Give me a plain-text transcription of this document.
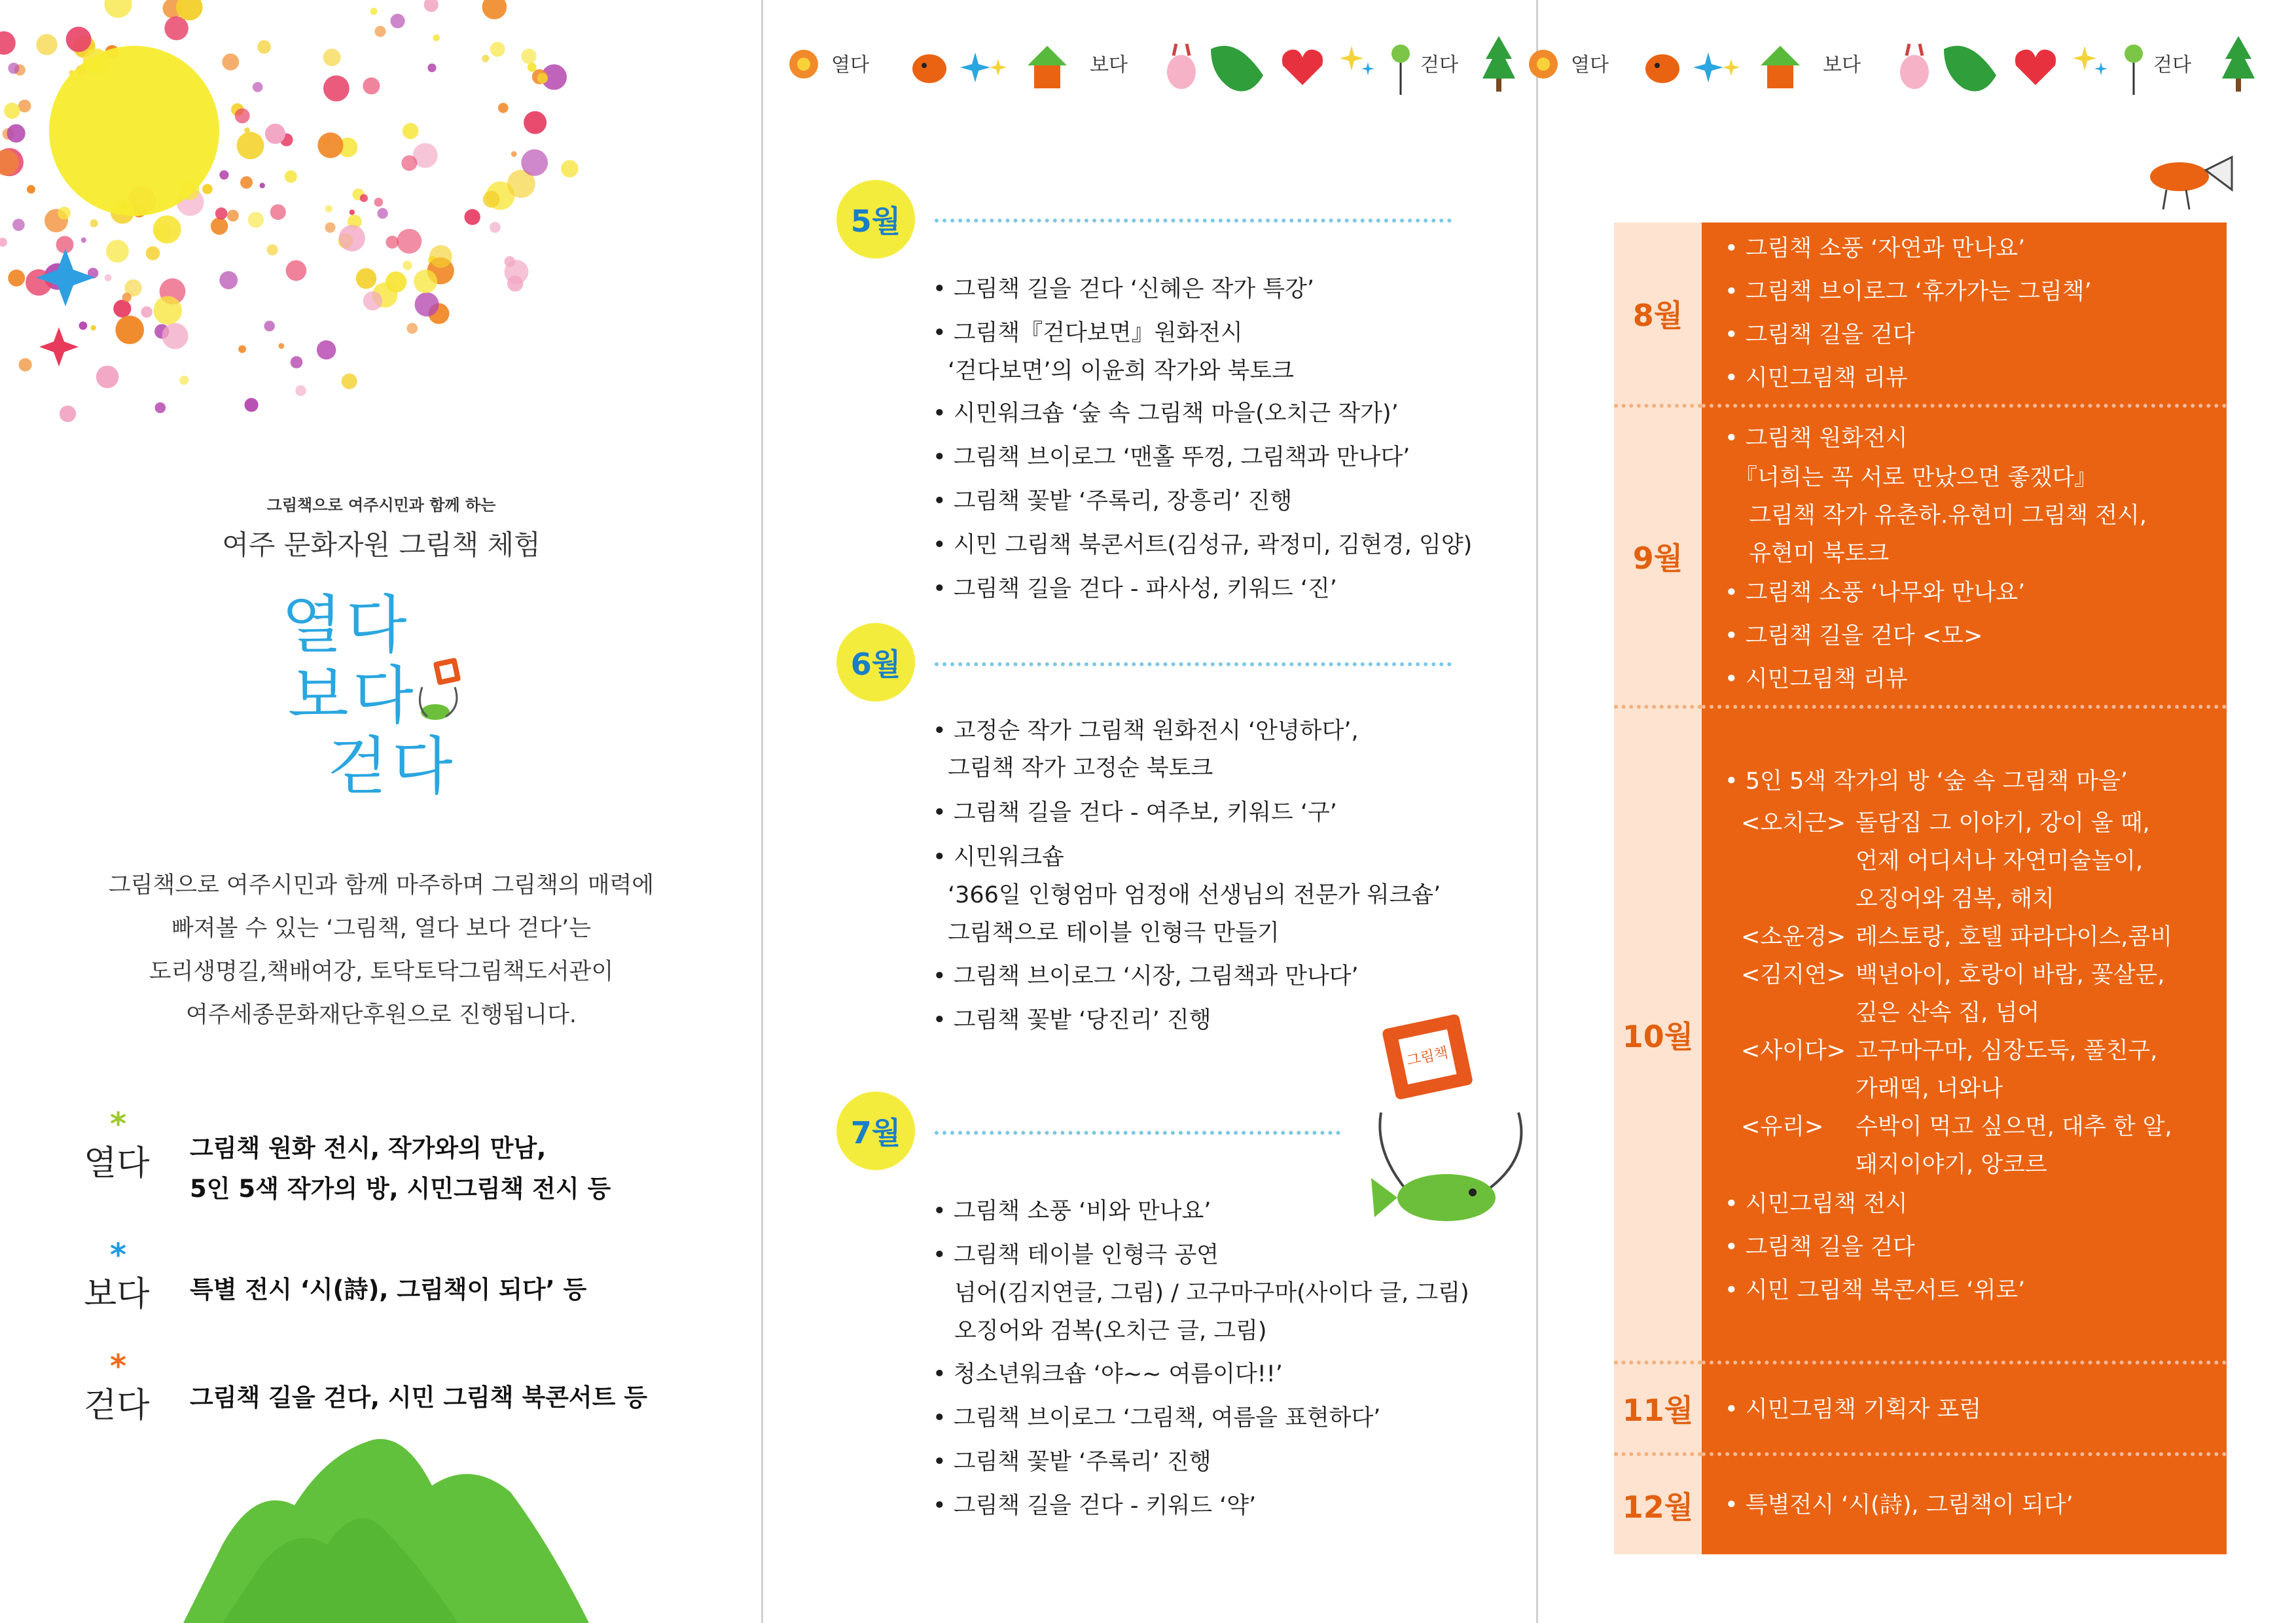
그림책으로 여주시민과 함께 하는
여주 문화자원 그림책 체험
열다
보다
걷다
그림책으로 여주시민과 함께 마주하며 그림책의 매력에
빠져볼 수 있는 ‘그림책, 열다 보다 걷다’는
도리생명길,책배여강, 토닥토닥그림책도서관이
여주세종문화재단후원으로 진행됩니다.
*
열다 그림책 원화 전시, 작가와의 만남,
5인 5색 작가의 방, 시민그림책 전시 등
*
보다 특별 전시 ‘시(詩), 그림책이 되다’ 등
*
걷다 그림책 길을 걷다, 시민 그림책 북콘서트 등
열다	보다	걷다	열다	보다	걷다
5월
• 그림책 길을 걷다 ‘신혜은 작가 특강’
• 그림책『걷다보면』원화전시
‘걷다보면’의 이윤희 작가와 북토크
• 시민워크숍 ‘숲 속 그림책 마을(오치근 작가)’
• 그림책 브이로그 ‘맨홀 뚜껑, 그림책과 만나다’
• 그림책 꽃밭 ‘주록리, 장흥리’ 진행
• 시민 그림책 북콘서트(김성규, 곽정미, 김현경, 임양)
• 그림책 길을 걷다 - 파사성, 키워드 ‘진’
6월
• 고정순 작가 그림책 원화전시 ‘안녕하다’,
그림책 작가 고정순 북토크
• 그림책 길을 걷다 - 여주보, 키워드 ‘구’
• 시민워크숍
‘366일 인형엄마 엄정애 선생님의 전문가 워크숍’
그림책으로 테이블 인형극 만들기
• 그림책 브이로그 ‘시장, 그림책과 만나다’
• 그림책 꽃밭 ‘당진리’ 진행
그림책
7월
• 그림책 소풍 ‘비와 만나요’
• 그림책 테이블 인형극 공연
넘어(김지연글, 그림) / 고구마구마(사이다 글, 그림)
오징어와 검복(오치근 글, 그림)
• 청소년워크숍 ‘야~~ 여름이다!!’
• 그림책 브이로그 ‘그림책, 여름을 표현하다’
• 그림책 꽃밭 ‘주록리’ 진행
• 그림책 길을 걷다 - 키워드 ‘약’
8월
• 그림책 소풍 ‘자연과 만나요’
• 그림책 브이로그 ‘휴가가는 그림책’
• 그림책 길을 걷다
• 시민그림책 리뷰
9월
• 그림책 원화전시
『너희는 꼭 서로 만났으면 좋겠다』
그림책 작가 유춘하.유현미 그림책 전시,
유현미 북토크
• 그림책 소풍 ‘나무와 만나요’
• 그림책 길을 걷다 <모>
• 시민그림책 리뷰
10월
• 5인 5색 작가의 방 ‘숲 속 그림책 마을’
<오치근> 돌담집 그 이야기, 강이 울 때,
언제 어디서나 자연미술놀이,
오징어와 검복, 해치
<소윤경> 레스토랑, 호텔 파라다이스,콤비
<김지연> 백년아이, 호랑이 바람, 꽃살문,
깊은 산속 집, 넘어
<사이다> 고구마구마, 심장도둑, 풀친구,
가래떡, 너와나
<유리> 수박이 먹고 싶으면, 대추 한 알,
돼지이야기, 앙코르
• 시민그림책 전시
• 그림책 길을 걷다
• 시민 그림책 북콘서트 ‘위로’
11월	• 시민그림책 기획자 포럼
12월	• 특별전시 ‘시(詩), 그림책이 되다’
